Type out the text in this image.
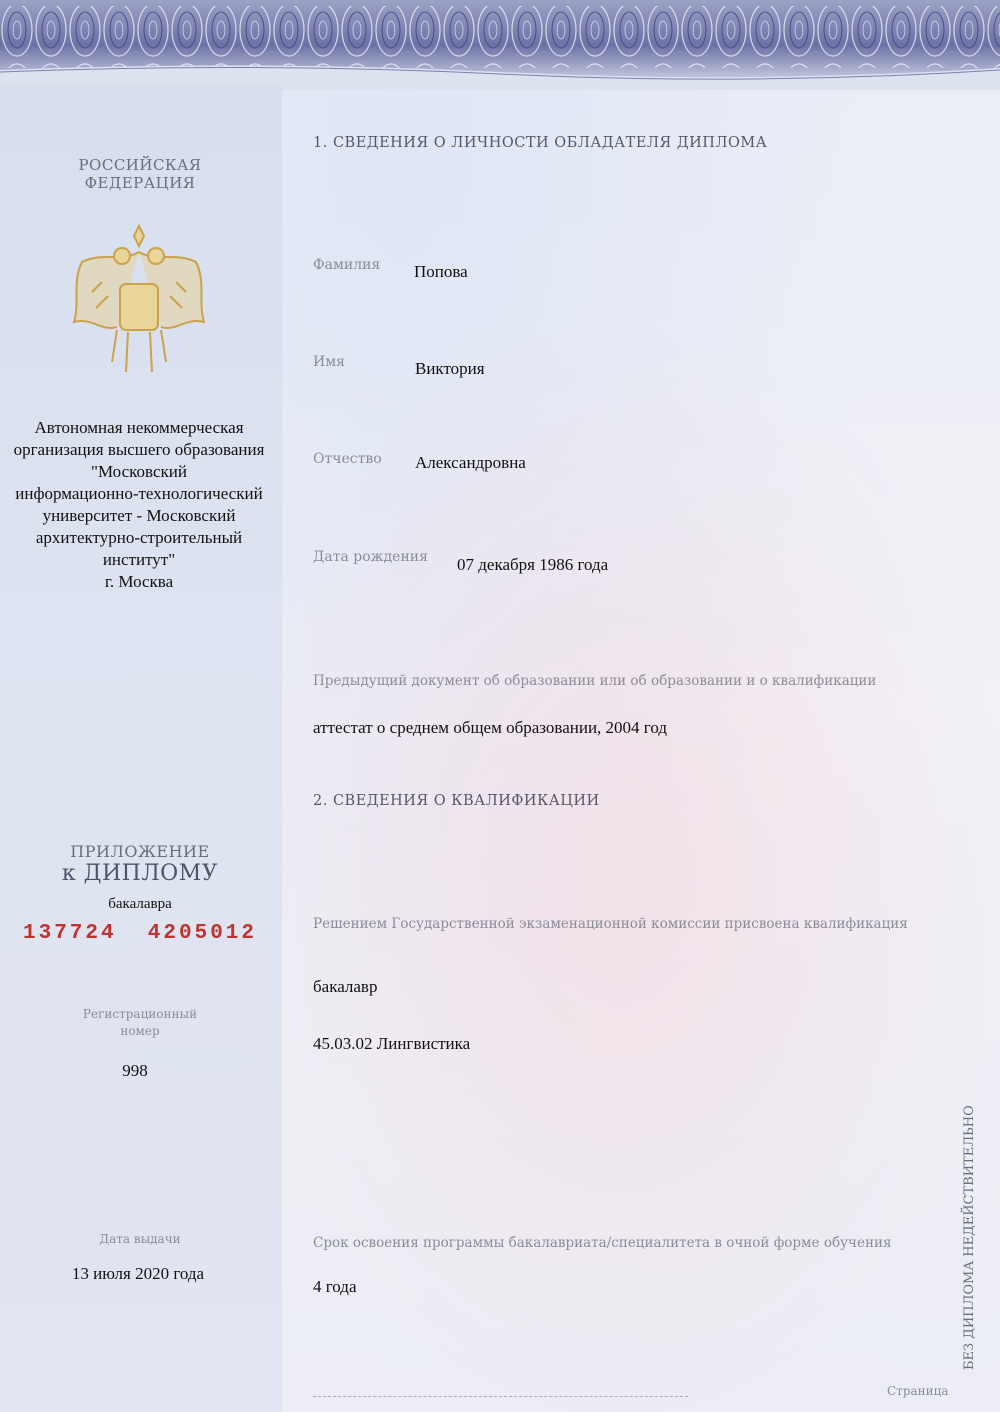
РОССИЙСКАЯ
ФЕДЕРАЦИЯ
Автономная некоммерческая
организация высшего образования
"Московский
информационно-технологический
университет - Московский
архитектурно-строительный
институт"
г. Москва
ПРИЛОЖЕНИЕ
к ДИПЛОМУ
бакалавра
137724  4205012
Регистрационный
номер
998
Дата выдачи
13 июля 2020 года
1. СВЕДЕНИЯ О ЛИЧНОСТИ ОБЛАДАТЕЛЯ ДИПЛОМА
Фамилия Попова
Имя	Виктория
Отчество Александровна
Дата рождения 07 декабря 1986 года
Предыдущий документ об образовании или об образовании и о квалификации
аттестат о среднем общем образовании, 2004 год
2. СВЕДЕНИЯ О КВАЛИФИКАЦИИ
Решением Государственной экзаменационной комиссии присвоена квалификация
бакалавр
45.03.02 Лингвистика
Срок освоения программы бакалавриата/специалитета в очной форме обучения
4 года
Страница
БЕЗ ДИПЛОМА НЕДЕЙСТВИТЕЛЬНО
